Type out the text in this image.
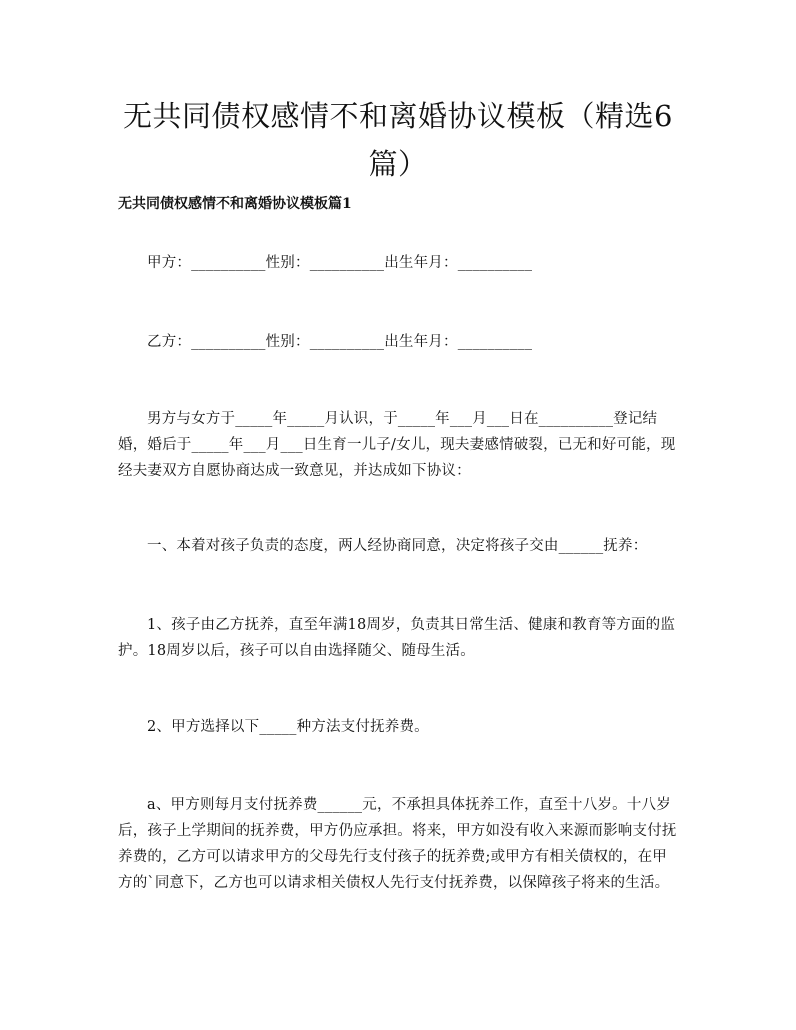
无共同债权感情不和离婚协议模板（精选6篇）
无共同债权感情不和离婚协议模板篇1
甲方：__________性别：__________出生年月：__________
乙方：__________性别：__________出生年月：__________
男方与女方于_____年_____月认识，于_____年___月___日在__________登记结婚，婚后于_____年___月___日生育一儿子/女儿，现夫妻感情破裂，已无和好可能，现经夫妻双方自愿协商达成一致意见，并达成如下协议：
一、本着对孩子负责的态度，两人经协商同意，决定将孩子交由______抚养：
1、孩子由乙方抚养，直至年满18周岁，负责其日常生活、健康和教育等方面的监护。18周岁以后，孩子可以自由选择随父、随母生活。
2、甲方选择以下_____种方法支付抚养费。
a、甲方则每月支付抚养费______元，不承担具体抚养工作，直至十八岁。十八岁后，孩子上学期间的抚养费，甲方仍应承担。将来，甲方如没有收入来源而影响支付抚养费的，乙方可以请求甲方的父母先行支付孩子的抚养费;或甲方有相关债权的，在甲方的`同意下，乙方也可以请求相关债权人先行支付抚养费，以保障孩子将来的生活。
